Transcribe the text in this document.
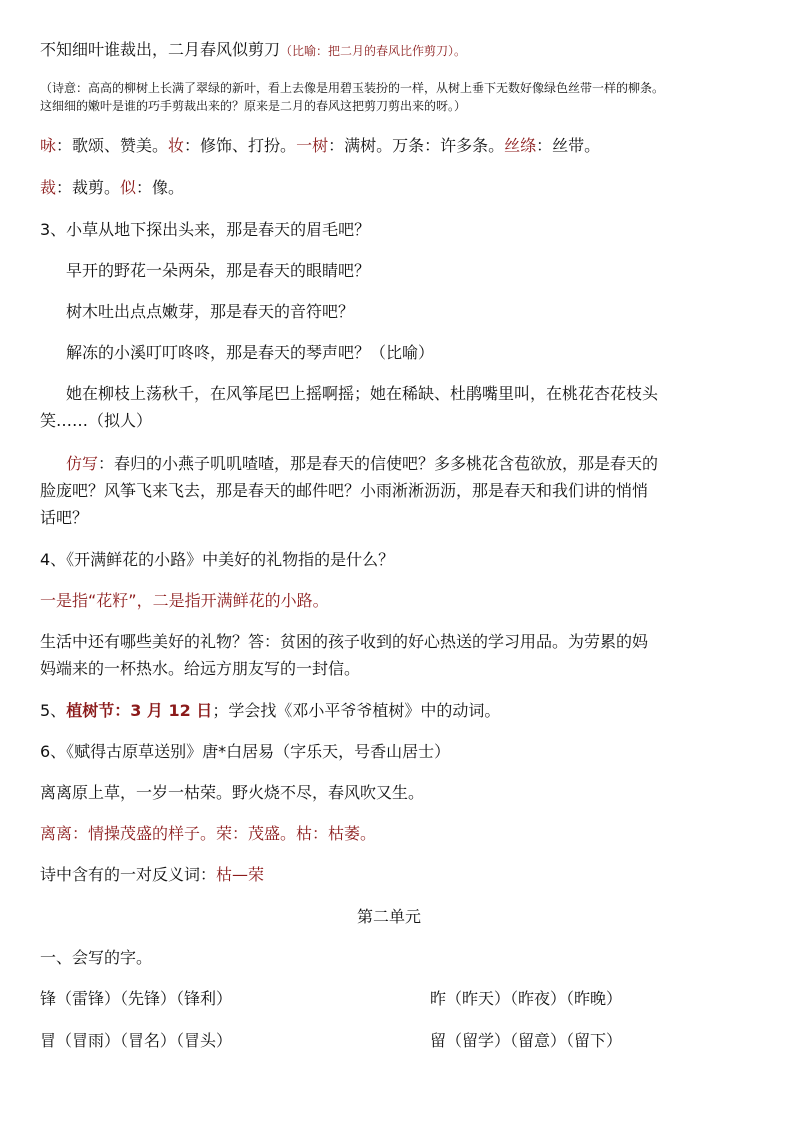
不知细叶谁裁出，二月春风似剪刀（比喻：把二月的春风比作剪刀）。
（诗意：高高的柳树上长满了翠绿的新叶，看上去像是用碧玉装扮的一样，从树上垂下无数好像绿色丝带一样的柳条。
这细细的嫩叶是谁的巧手剪裁出来的？原来是二月的春风这把剪刀剪出来的呀。）
咏：歌颂、赞美。妆：修饰、打扮。一树：满树。万条：许多条。丝绦：丝带。
裁：裁剪。似：像。
3、小草从地下探出头来，那是春天的眉毛吧？
早开的野花一朵两朵，那是春天的眼睛吧？
树木吐出点点嫩芽，那是春天的音符吧？
解冻的小溪叮叮咚咚，那是春天的琴声吧？（比喻）
她在柳枝上荡秋千，在风筝尾巴上摇啊摇；她在稀缺、杜鹃嘴里叫，在桃花杏花枝头
笑……（拟人）
仿写：春归的小燕子叽叽喳喳，那是春天的信使吧？多多桃花含苞欲放，那是春天的
脸庞吧？风筝飞来飞去，那是春天的邮件吧？小雨淅淅沥沥，那是春天和我们讲的悄悄
话吧？
4、《开满鲜花的小路》中美好的礼物指的是什么？
一是指“花籽”，二是指开满鲜花的小路。
生活中还有哪些美好的礼物？答：贫困的孩子收到的好心热送的学习用品。为劳累的妈
妈端来的一杯热水。给远方朋友写的一封信。
5、植树节：3 月 12 日；学会找《邓小平爷爷植树》中的动词。
6、《赋得古原草送别》唐*白居易（字乐天，号香山居士）
离离原上草，一岁一枯荣。野火烧不尽，春风吹又生。
离离：情操茂盛的样子。荣：茂盛。枯：枯萎。
诗中含有的一对反义词：枯—荣
第二单元
一、会写的字。
锋（雷锋）（先锋）（锋利）	昨（昨天）（昨夜）（昨晚）
冒（冒雨）（冒名）（冒头）	留（留学）（留意）（留下）
